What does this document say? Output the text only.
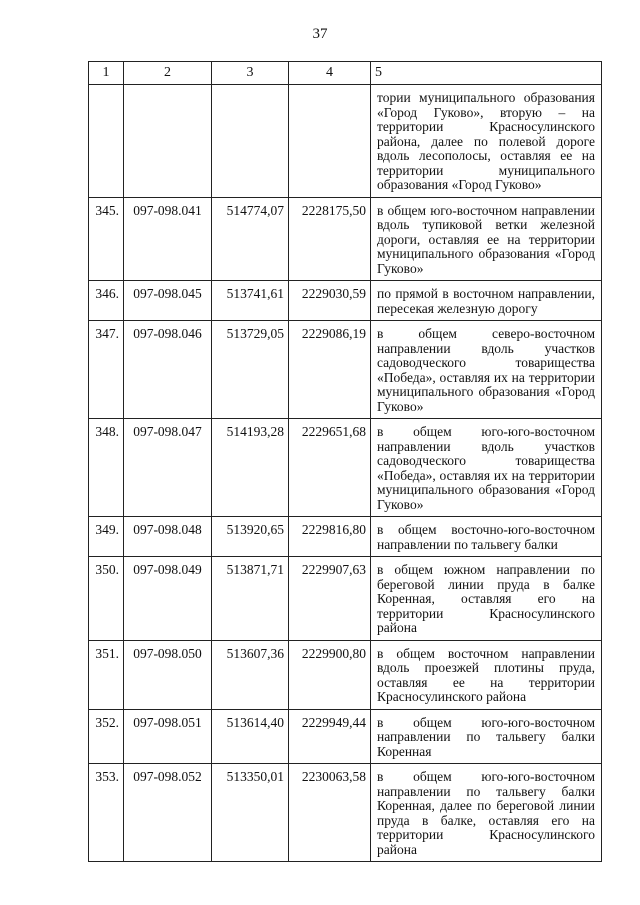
37
1	2	3	4	5
				тории муниципального образования «Город Гуково», вторую – на территории Красносулинского района, далее по полевой дороге вдоль лесополосы, оставляя ее на территории муниципального образования «Город Гуково»
345.	097-098.041	514774,07	2228175,50	в общем юго-восточном направлении вдоль тупиковой ветки железной дороги, оставляя ее на территории муниципального образования «Город Гуково»
346.	097-098.045	513741,61	2229030,59	по прямой в восточном направлении, пересекая железную дорогу
347.	097-098.046	513729,05	2229086,19	в общем северо-восточном направлении вдоль участков садоводческого товарищества «Победа», оставляя их на территории муниципального образования «Город Гуково»
348.	097-098.047	514193,28	2229651,68	в общем юго-юго-восточном направлении вдоль участков садоводческого товарищества «Победа», оставляя их на территории муниципального образования «Город Гуково»
349.	097-098.048	513920,65	2229816,80	в общем восточно-юго-восточном направлении по тальвегу балки
350.	097-098.049	513871,71	2229907,63	в общем южном направлении по береговой линии пруда в балке Коренная, оставляя его на территории Красносулинского района
351.	097-098.050	513607,36	2229900,80	в общем восточном направлении вдоль проезжей плотины пруда, оставляя ее на территории Красносулинского района
352.	097-098.051	513614,40	2229949,44	в общем юго-юго-восточном направлении по тальвегу балки Коренная
353.	097-098.052	513350,01	2230063,58	в общем юго-юго-восточном направлении по тальвегу балки Коренная, далее по береговой линии пруда в балке, оставляя его на территории Красносулинского района
